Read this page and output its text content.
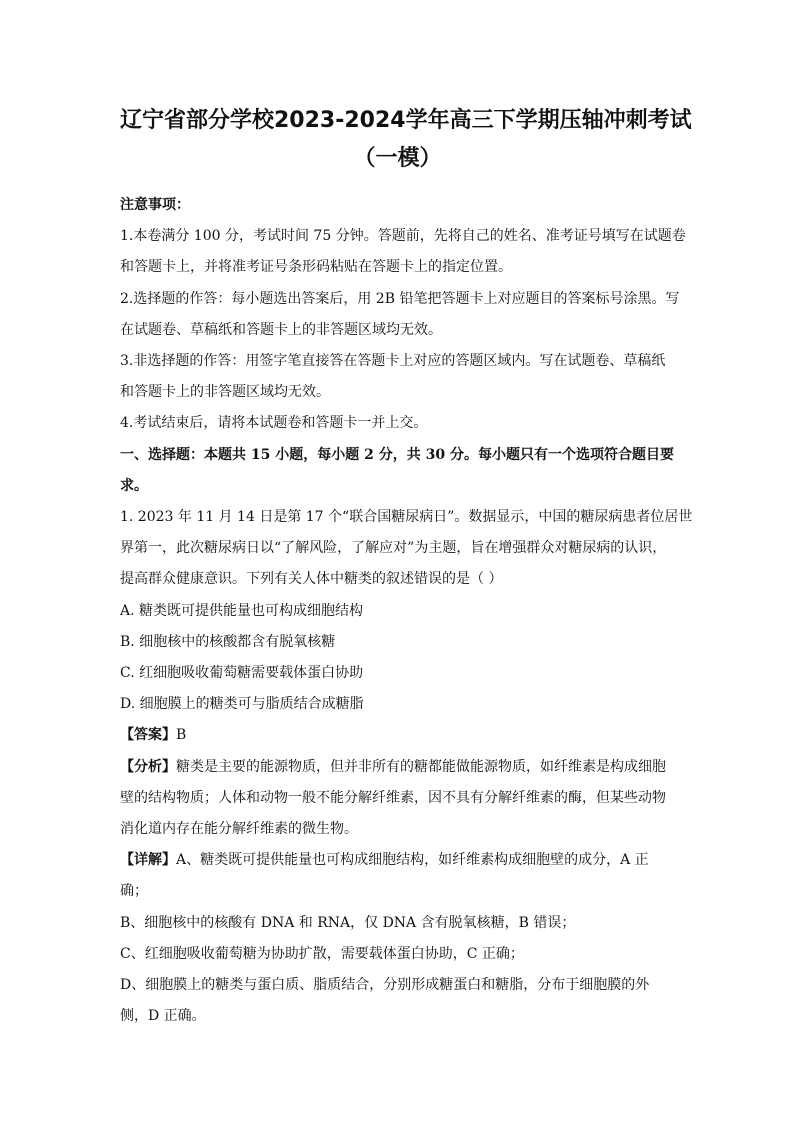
辽宁省部分学校2023-2024学年高三下学期压轴冲刺考试
（一模）
注意事项：
1.本卷满分 100 分，考试时间 75 分钟。答题前，先将自己的姓名、准考证号填写在试题卷
和答题卡上，并将准考证号条形码粘贴在答题卡上的指定位置。
2.选择题的作答：每小题选出答案后，用 2B 铅笔把答题卡上对应题目的答案标号涂黑。写
在试题卷、草稿纸和答题卡上的非答题区域均无效。
3.非选择题的作答：用签字笔直接答在答题卡上对应的答题区域内。写在试题卷、草稿纸
和答题卡上的非答题区域均无效。
4.考试结束后，请将本试题卷和答题卡一并上交。
一、选择题：本题共 15 小题，每小题 2 分，共 30 分。每小题只有一个选项符合题目要
求。
1. 2023 年 11 月 14 日是第 17 个“联合国糖尿病日”。数据显示，中国的糖尿病患者位居世
界第一，此次糖尿病日以“了解风险，了解应对”为主题，旨在增强群众对糖尿病的认识，
提高群众健康意识。下列有关人体中糖类的叙述错误的是（ ）
A. 糖类既可提供能量也可构成细胞结构
B. 细胞核中的核酸都含有脱氧核糖
C. 红细胞吸收葡萄糖需要载体蛋白协助
D. 细胞膜上的糖类可与脂质结合成糖脂
【答案】B
【分析】糖类是主要的能源物质，但并非所有的糖都能做能源物质，如纤维素是构成细胞
壁的结构物质；人体和动物一般不能分解纤维素，因不具有分解纤维素的酶，但某些动物
消化道内存在能分解纤维素的微生物。
【详解】A、糖类既可提供能量也可构成细胞结构，如纤维素构成细胞壁的成分，A 正
确；
B、细胞核中的核酸有 DNA 和 RNA，仅 DNA 含有脱氧核糖，B 错误；
C、红细胞吸收葡萄糖为协助扩散，需要载体蛋白协助，C 正确；
D、细胞膜上的糖类与蛋白质、脂质结合，分别形成糖蛋白和糖脂，分布于细胞膜的外
侧，D 正确。
